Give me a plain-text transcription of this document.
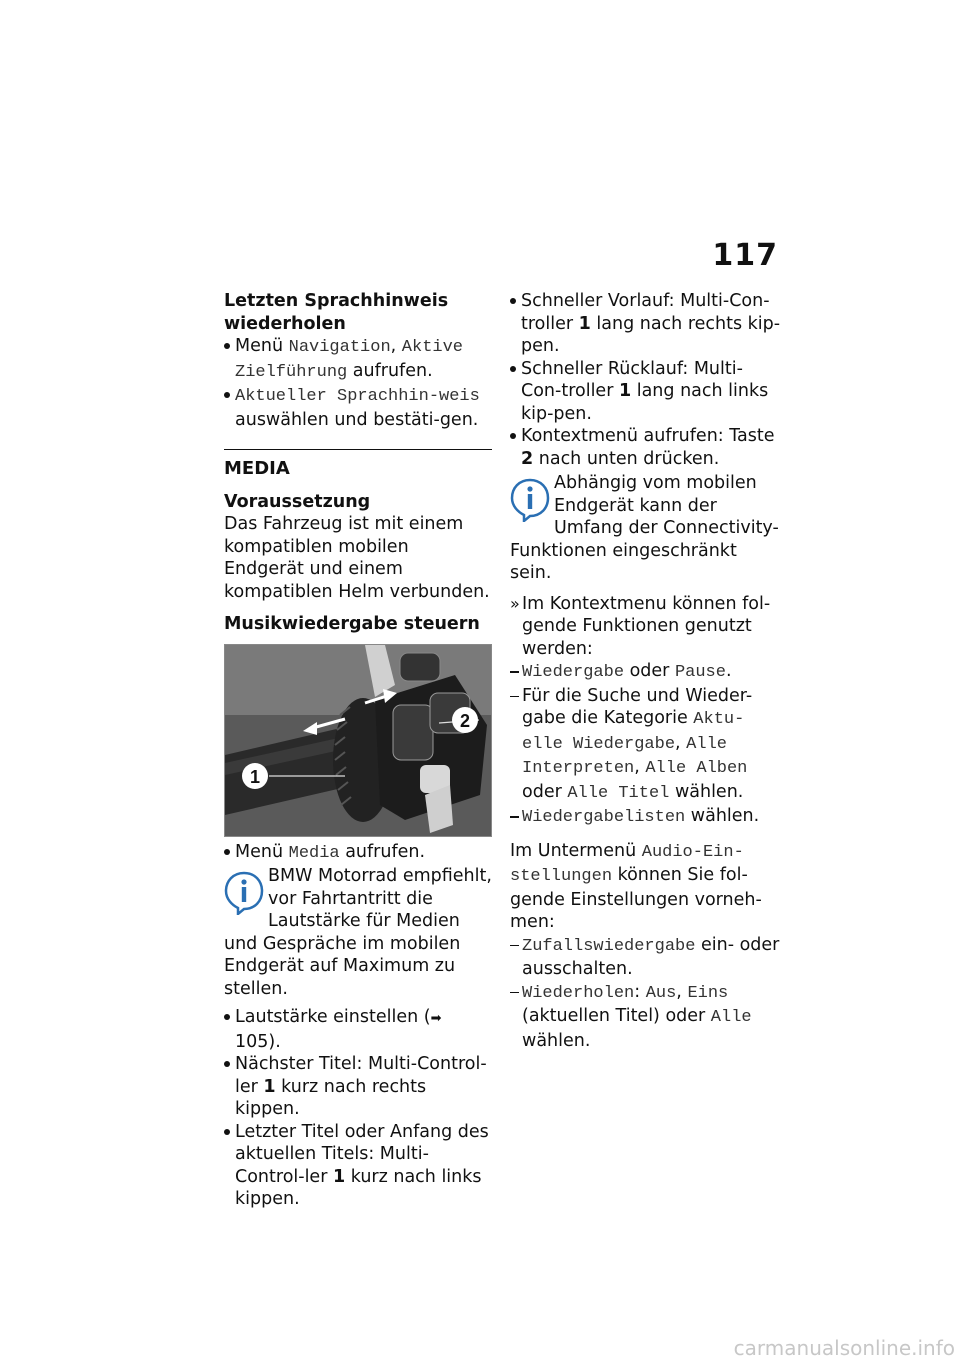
117

Letzten Sprachhinweis wiederholen

Menü Navigation, Aktive Zielführung aufrufen.

Aktueller Sprachhin-weis auswählen und bestäti-gen.

MEDIA

Voraussetzung

Das Fahrzeug ist mit einem kompatiblen mobilen Endgerät und einem kompatiblen Helm verbunden.

Musikwiedergabe steuern

1
2

Menü Media aufrufen.

BMW Motorrad empfiehlt, vor Fahrtantritt die Lautstärke für Medien und Gespräche im mobilen Endgerät auf Maximum zu stellen.

Lautstärke einstellen (➡ 105).

Nächster Titel: Multi-Control-ler 1 kurz nach rechts kippen.

Letzter Titel oder Anfang des aktuellen Titels: Multi-Control-ler 1 kurz nach links kippen.

Schneller Vorlauf: Multi-Con-troller 1 lang nach rechts kip-pen.

Schneller Rücklauf: Multi-Con-troller 1 lang nach links kip-pen.

Kontextmenü aufrufen: Taste 2 nach unten drücken.

Abhängig vom mobilen Endgerät kann der Umfang der Connectivity-Funktionen eingeschränkt sein.

» Im Kontextmenu können fol-gende Funktionen genutzt werden:

Wiedergabe oder Pause.

Für die Suche und Wieder-gabe die Kategorie Aktu-elle Wiedergabe, Alle Interpreten, Alle Alben oder Alle Titel wählen.

Wiedergabelisten wählen.

Im Untermenü Audio-Ein-stellungen können Sie fol-gende Einstellungen vorneh-men:

Zufallswiedergabe ein- oder ausschalten.

Wiederholen: Aus, Eins (aktuellen Titel) oder Alle wählen.

carmanualsonline.info
